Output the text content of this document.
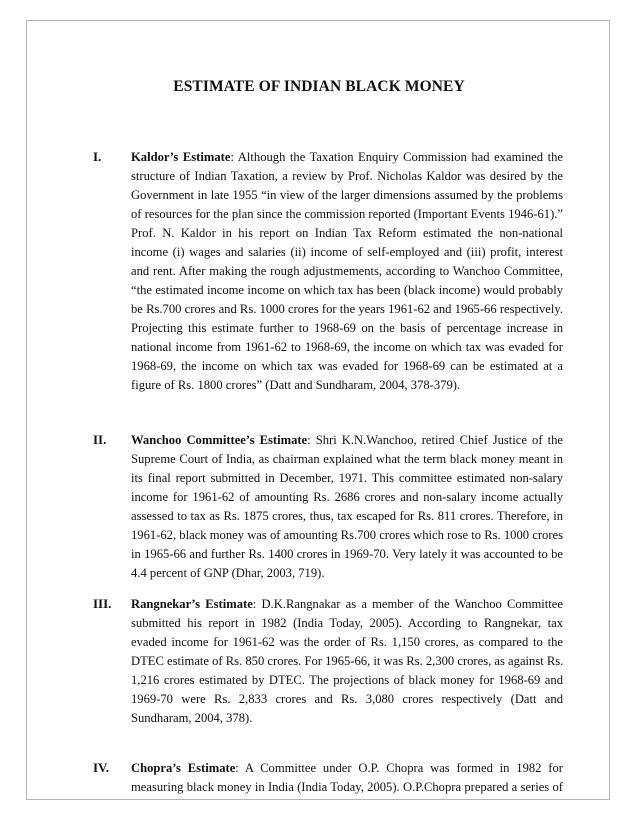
ESTIMATE OF INDIAN BLACK MONEY
I. Kaldor’s Estimate: Although the Taxation Enquiry Commission had examined the
structure of Indian Taxation, a review by Prof. Nicholas Kaldor was desired by the
Government in late 1955 “in view of the larger dimensions assumed by the problems
of resources for the plan since the commission reported (Important Events 1946-61).”
Prof. N. Kaldor in his report on Indian Tax Reform estimated the non-national
income (i) wages and salaries (ii) income of self-employed and (iii) profit, interest
and rent. After making the rough adjustmements, according to Wanchoo Committee,
“the estimated income income on which tax has been (black income) would probably
be Rs.700 crores and Rs. 1000 crores for the years 1961-62 and 1965-66 respectively.
Projecting this estimate further to 1968-69 on the basis of percentage increase in
national income from 1961-62 to 1968-69, the income on which tax was evaded for
1968-69, the income on which tax was evaded for 1968-69 can be estimated at a
figure of Rs. 1800 crores” (Datt and Sundharam, 2004, 378-379).
II. Wanchoo Committee’s Estimate: Shri K.N.Wanchoo, retired Chief Justice of the
Supreme Court of India, as chairman explained what the term black money meant in
its final report submitted in December, 1971. This committee estimated non-salary
income for 1961-62 of amounting Rs. 2686 crores and non-salary income actually
assessed to tax as Rs. 1875 crores, thus, tax escaped for Rs. 811 crores. Therefore, in
1961-62, black money was of amounting Rs.700 crores which rose to Rs. 1000 crores
in 1965-66 and further Rs. 1400 crores in 1969-70. Very lately it was accounted to be
4.4 percent of GNP (Dhar, 2003, 719).
III. Rangnekar’s Estimate: D.K.Rangnakar as a member of the Wanchoo Committee
submitted his report in 1982 (India Today, 2005). According to Rangnekar, tax
evaded income for 1961-62 was the order of Rs. 1,150 crores, as compared to the
DTEC estimate of Rs. 850 crores. For 1965-66, it was Rs. 2,300 crores, as against Rs.
1,216 crores estimated by DTEC. The projections of black money for 1968-69 and
1969-70 were Rs. 2,833 crores and Rs. 3,080 crores respectively (Datt and
Sundharam, 2004, 378).
IV. Chopra’s Estimate: A Committee under O.P. Chopra was formed in 1982 for
measuring black money in India (India Today, 2005). O.P.Chopra prepared a series of
